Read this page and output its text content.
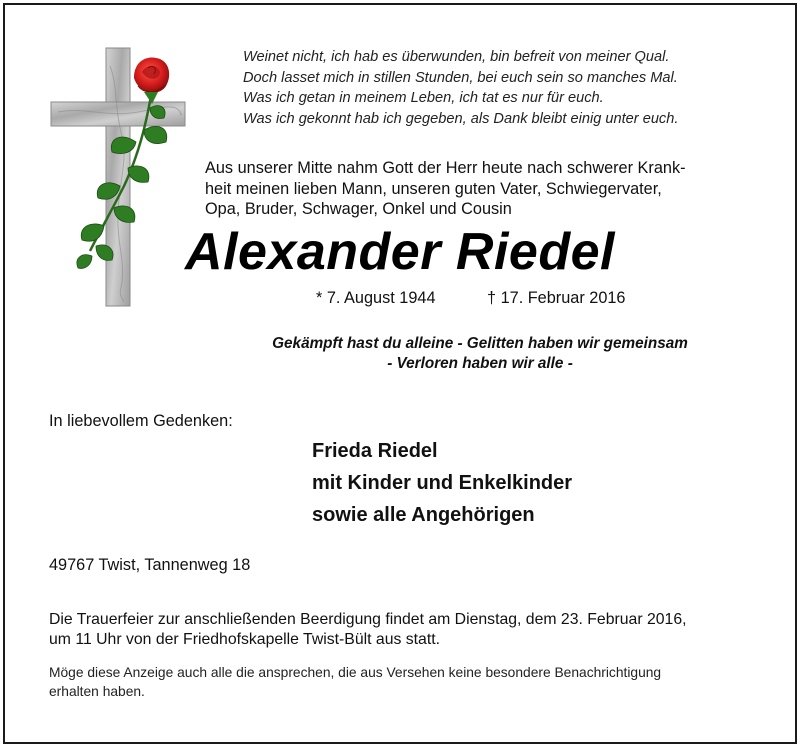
Weinet nicht, ich hab es überwunden, bin befreit von meiner Qual.
Doch lasset mich in stillen Stunden, bei euch sein so manches Mal.
Was ich getan in meinem Leben, ich tat es nur für euch.
Was ich gekonnt hab ich gegeben, als Dank bleibt einig unter euch.
Aus unserer Mitte nahm Gott der Herr heute nach schwerer Krank-
heit meinen lieben Mann, unseren guten Vater, Schwiegervater,
Opa, Bruder, Schwager, Onkel und Cousin
Alexander Riedel
* 7. August 1944	† 17. Februar 2016
Gekämpft hast du alleine - Gelitten haben wir gemeinsam
- Verloren haben wir alle -
In liebevollem Gedenken:
Frieda Riedel
mit Kinder und Enkelkinder
sowie alle Angehörigen
49767 Twist, Tannenweg 18
Die Trauerfeier zur anschließenden Beerdigung findet am Dienstag, dem 23. Februar 2016,
um 11 Uhr von der Friedhofskapelle Twist-Bült aus statt.
Möge diese Anzeige auch alle die ansprechen, die aus Versehen keine besondere Benachrichtigung
erhalten haben.
